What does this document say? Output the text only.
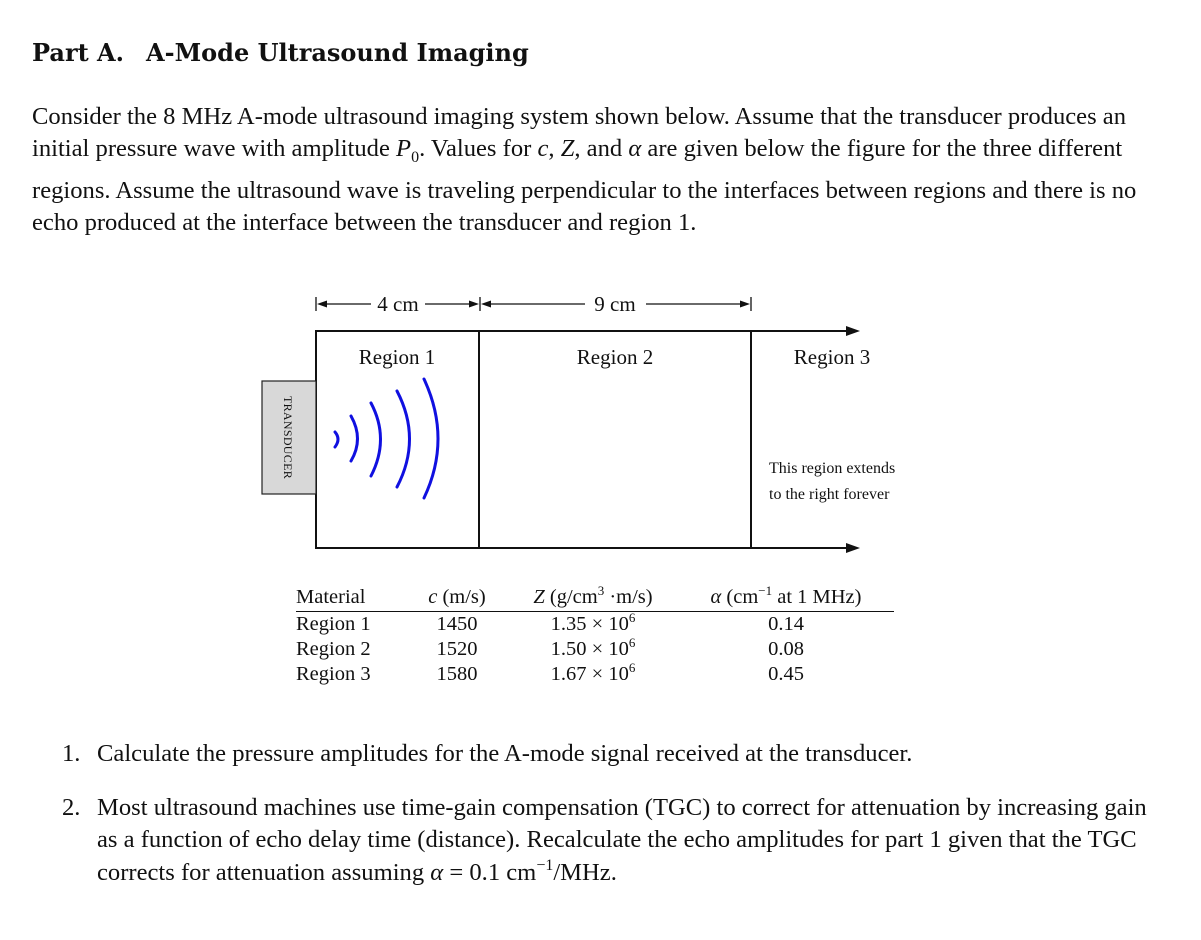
Part A. A-Mode Ultrasound Imaging

Consider the 8 MHz A-mode ultrasound imaging system shown below. Assume that the transducer produces an initial pressure wave with amplitude $P_0$. Values for c, Z, and α are given below the figure for the three different regions. Assume the ultrasound wave is traveling perpendicular to the interfaces between regions and there is no echo produced at the interface between the transducer and region 1.

4 cm	9 cm
Region 1	Region 2	Region 3
TRANSDUCER	This region extends
to the right forever
Material	c (m/s)	Z $(g/cm^3 \cdot m/s)$	α ($cm^{-1}$ at 1 MHz)
Region 1	1450	$1.35 \times 10^6$	0.14
Region 2	1520	$1.50 \times 10^6$	0.08
Region 3	1580	$1.67 \times 10^6$	0.45
1. Calculate the pressure amplitudes for the A-mode signal received at the transducer.
2. Most ultrasound machines use time-gain compensation (TGC) to correct for attenuation by increasing gain as a function of echo delay time (distance). Recalculate the echo amplitudes for part 1 given that the TGC corrects for attenuation assuming α = 0.1 $cm^{-1}$/MHz.
